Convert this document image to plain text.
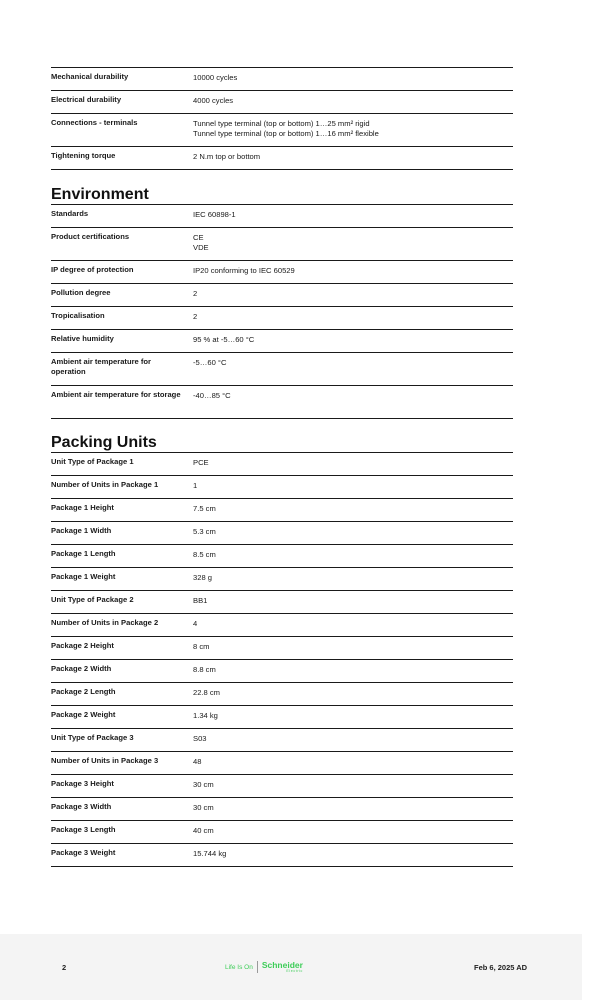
Mechanical durability	10000 cycles

Electrical durability	4000 cycles

Connections - terminals	Tunnel type terminal (top or bottom) 1…25 mm² rigid
Tunnel type terminal (top or bottom) 1…16 mm² flexible

Tightening torque	2 N.m top or bottom
Environment
Standards	IEC 60898-1

Product certifications	CE
VDE

IP degree of protection	IP20 conforming to IEC 60529

Pollution degree	2

Tropicalisation	2

Relative humidity	95 % at -5…60 °C

Ambient air temperature for operation	-5…60 °C

Ambient air temperature for storage	-40…85 °C
Packing Units
Unit Type of Package 1	PCE

Number of Units in Package 1	1

Package 1 Height	7.5 cm

Package 1 Width	5.3 cm

Package 1 Length	8.5 cm

Package 1 Weight	328 g

Unit Type of Package 2	BB1

Number of Units in Package 2	4

Package 2 Height	8 cm

Package 2 Width	8.8 cm

Package 2 Length	22.8 cm

Package 2 Weight	1.34 kg

Unit Type of Package 3	S03

Number of Units in Package 3	48

Package 3 Height	30 cm

Package 3 Width	30 cm

Package 3 Length	40 cm

Package 3 Weight	15.744 kg
2	Life Is On Schneider
Electric	Feb 6, 2025 AD
